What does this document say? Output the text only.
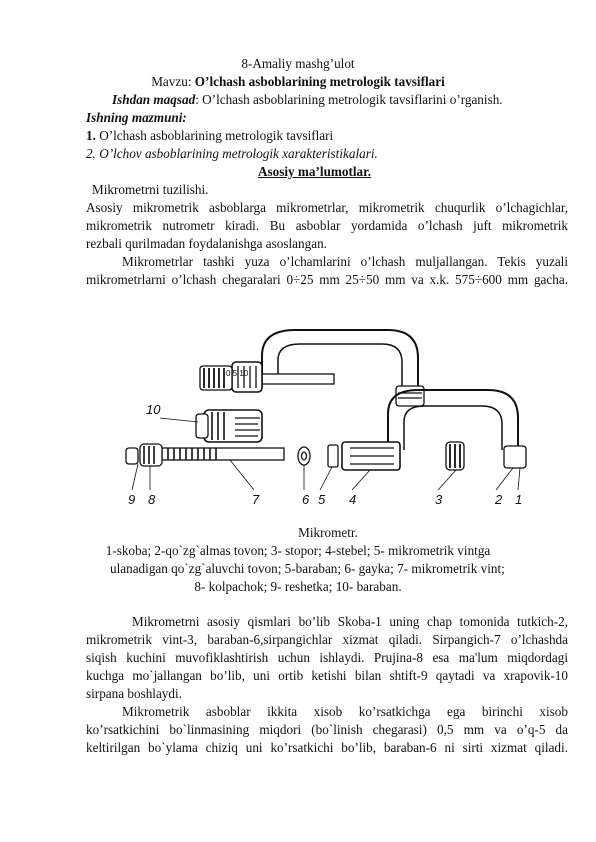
8-Amaliy mashg’ulot
Mavzu: O’lchash asboblarining metrologik tavsiflari
Ishdan maqsad: O’lchash asboblarining metrologik tavsiflarini o’rganish.
Ishning mazmuni:
1. O’lchash asboblarining metrologik tavsiflari
2. O’lchov asboblarining metrologik xarakteristikalari.
Asosiy ma’lumotlar.
Mikrometrni tuzilishi.
Asosiy mikrometrik asboblarga mikrometrlar, mikrometrik chuqurlik o’lchagichlar,
mikrometrik nutrometr kiradi. Bu asboblar yordamida o’lchash juft mikrometrik
rezbali qurilmadan foydalanishga asoslangan.
Mikrometrlar tashki yuza o’lchamlarini o’lchash muljallangan. Tekis yuzali
mikrometrlarni o’lchash chegaralari 0÷25 mm 25÷50 mm va x.k. 575÷600 mm gacha.
0 5 10
1
2
3
4
5
6
7
8
9
10
Mikrometr.
1-skoba; 2-qo`zg`almas tovon; 3- stopor; 4-stebel; 5- mikrometrik vintga
ulanadigan qo`zg`aluvchi tovon; 5-baraban; 6- gayka; 7- mikrometrik vint;
8- kolpachok; 9- reshetka; 10- baraban.
Mikrometrni asosiy qismlari bo’lib Skoba-1 uning chap tomonida tutkich-2,
mikrometrik vint-3, baraban-6,sirpangichlar xizmat qiladi. Sirpangich-7 o’lchashda
siqish kuchini muvofiklashtirish uchun ishlaydi. Prujina-8 esa ma'lum miqdordagi
kuchga mo`jallangan bo’lib, uni ortib ketishi bilan shtift-9 qaytadi va xrapovik-10
sirpana boshlaydi.
Mikrometrik asboblar ikkita xisob ko’rsatkichga ega birinchi xisob
ko’rsatkichini bo`linmasining miqdori (bo`linish chegarasi) 0,5 mm va o’q-5 da
keltirilgan bo`ylama chiziq uni ko’rsatkichi bo’lib, baraban-6 ni sirti xizmat qiladi.
